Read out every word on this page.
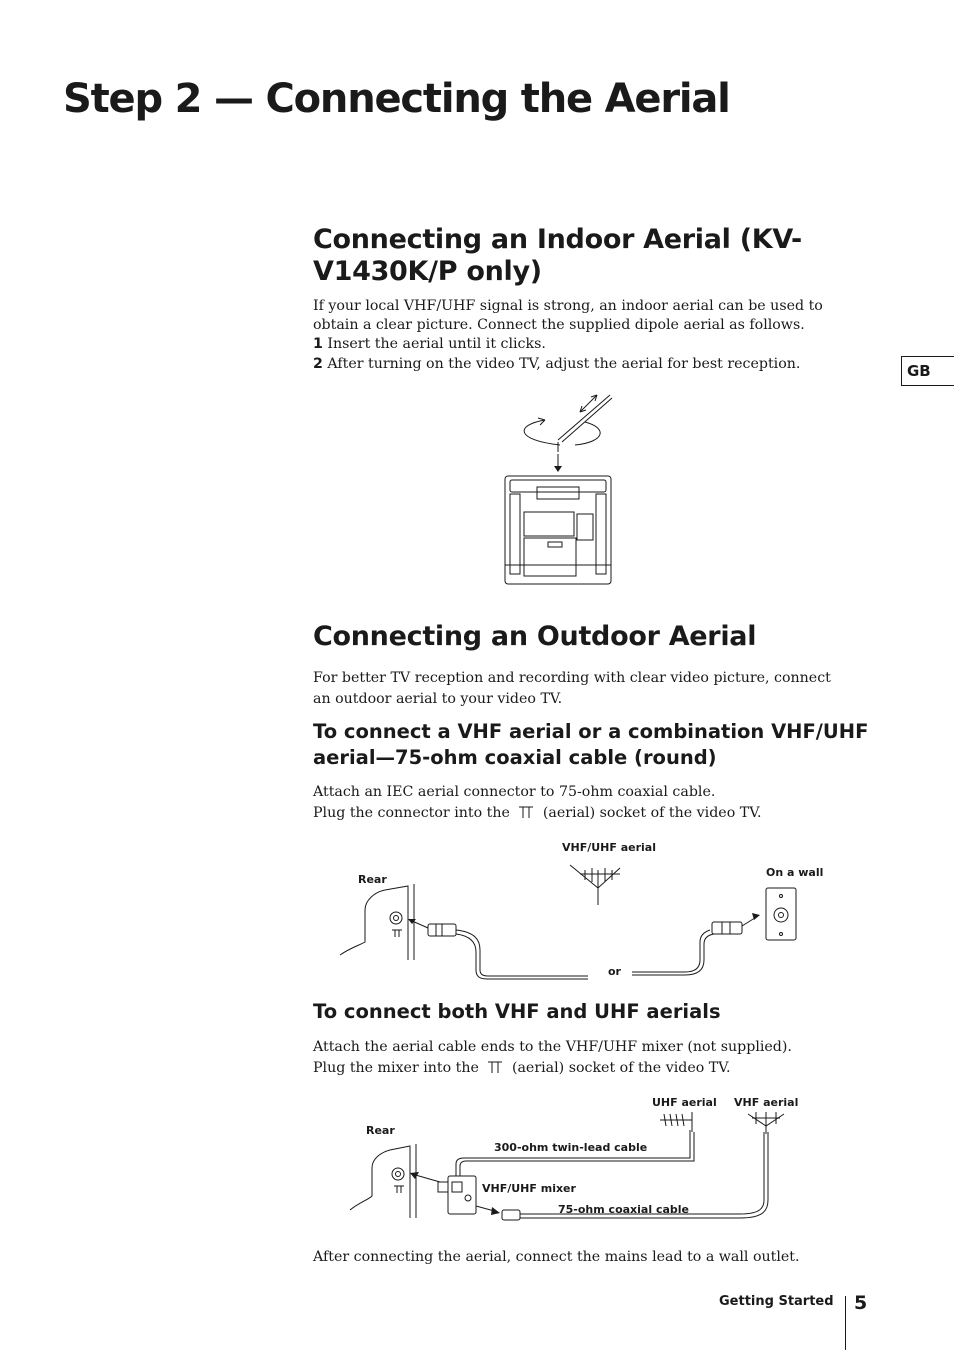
Step 2 — Connecting the Aerial
GB
Connecting an Indoor Aerial (KV-V1430K/P only)

If your local VHF/UHF signal is strong, an indoor aerial can be used to obtain a clear picture. Connect the supplied dipole aerial as follows.

1 Insert the aerial until it clicks.

2 After turning on the video TV, adjust the aerial for best reception.

Connecting an Outdoor Aerial

For better TV reception and recording with clear video picture, connect an outdoor aerial to your video TV.

To connect a VHF aerial or a combination VHF/UHF aerial—75-ohm coaxial cable (round)

Attach an IEC aerial connector to 75-ohm coaxial cable.

Plug the connector into the (aerial) socket of the video TV.

VHF/UHF aerial
Rear
On a wall
or
To connect both VHF and UHF aerials

Attach the aerial cable ends to the VHF/UHF mixer (not supplied).

Plug the mixer into the (aerial) socket of the video TV.

UHF aerial VHF aerial
Rear
300-ohm twin-lead cable
VHF/UHF mixer
75-ohm coaxial cable

After connecting the aerial, connect the mains lead to a wall outlet.

Getting Started 5
